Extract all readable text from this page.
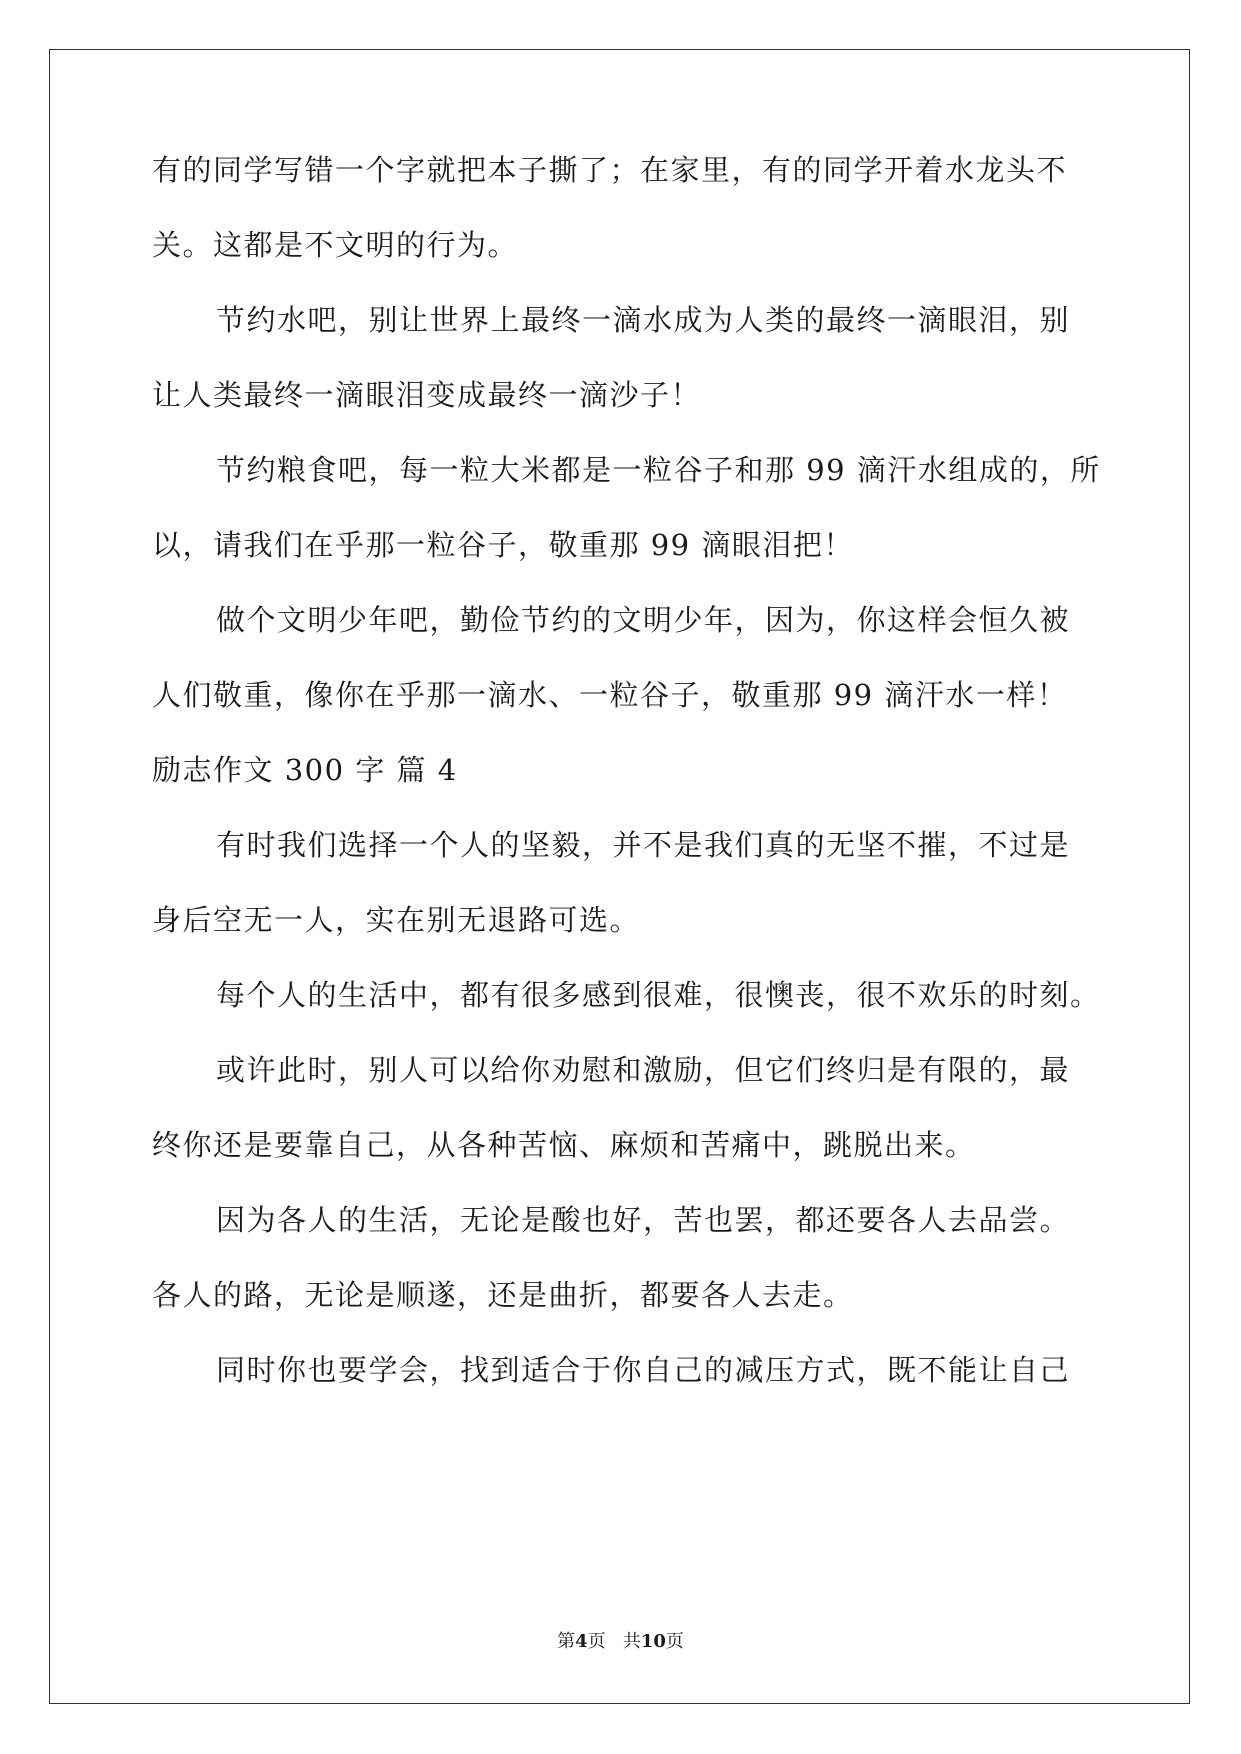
有的同学写错一个字就把本子撕了；在家里，有的同学开着水龙头不
关。这都是不文明的行为。
节约水吧，别让世界上最终一滴水成为人类的最终一滴眼泪，别
让人类最终一滴眼泪变成最终一滴沙子！
节约粮食吧，每一粒大米都是一粒谷子和那 99 滴汗水组成的，所
以，请我们在乎那一粒谷子，敬重那 99 滴眼泪把！
做个文明少年吧，勤俭节约的文明少年，因为，你这样会恒久被
人们敬重，像你在乎那一滴水、一粒谷子，敬重那 99 滴汗水一样！
励志作文 300 字 篇 4
有时我们选择一个人的坚毅，并不是我们真的无坚不摧，不过是
身后空无一人，实在别无退路可选。
每个人的生活中，都有很多感到很难，很懊丧，很不欢乐的时刻。
或许此时，别人可以给你劝慰和激励，但它们终归是有限的，最
终你还是要靠自己，从各种苦恼、麻烦和苦痛中，跳脱出来。
因为各人的生活，无论是酸也好，苦也罢，都还要各人去品尝。
各人的路，无论是顺遂，还是曲折，都要各人去走。
同时你也要学会，找到适合于你自己的减压方式，既不能让自己
第4页 共10页
